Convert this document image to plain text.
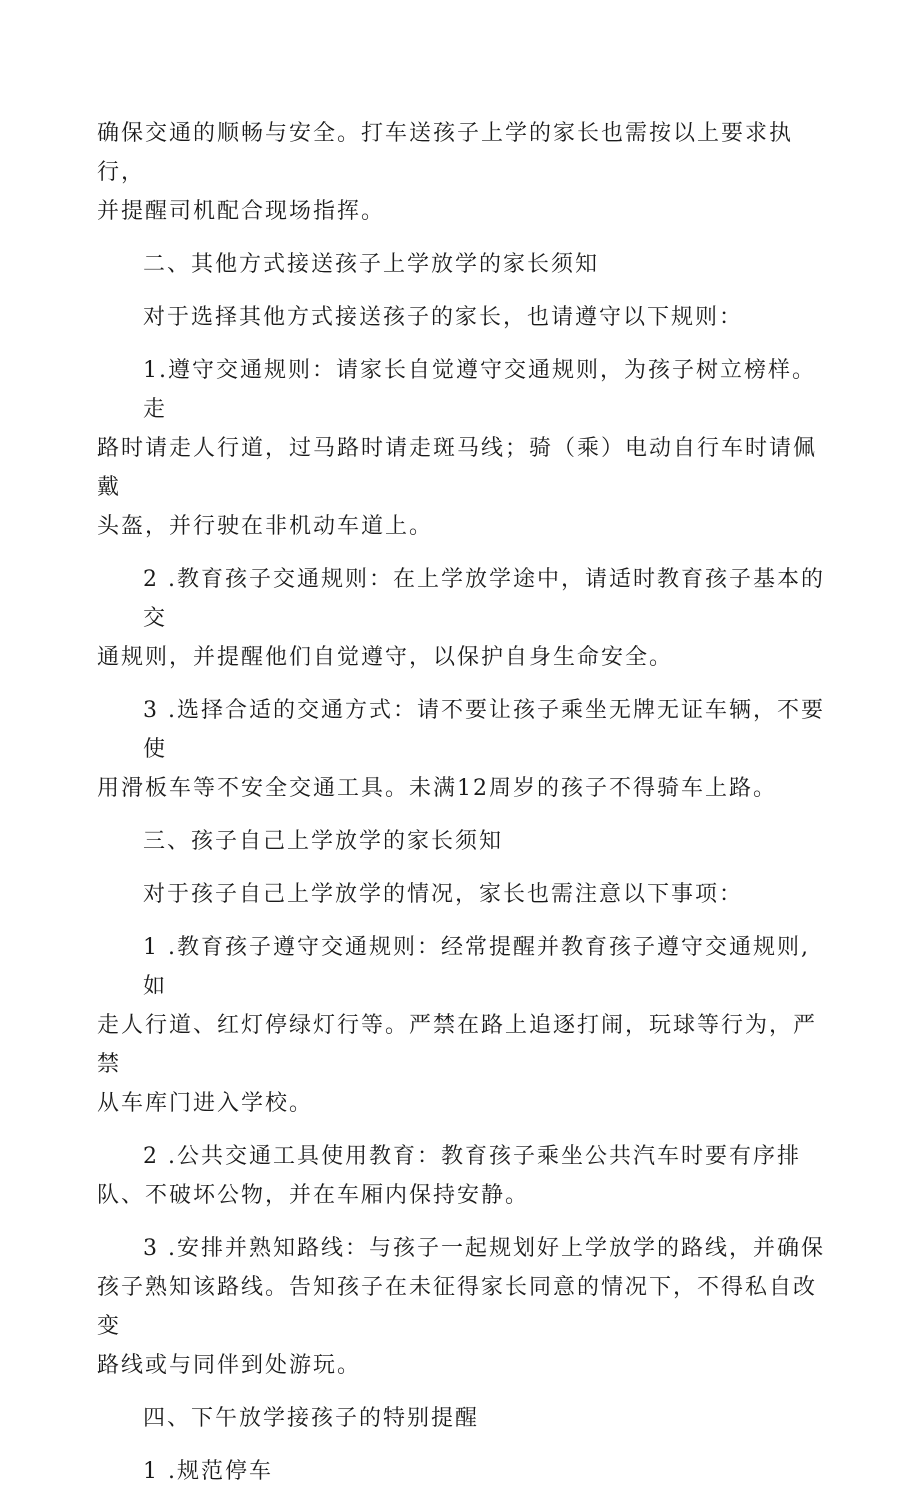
确保交通的顺畅与安全。打车送孩子上学的家长也需按以上要求执行，
并提醒司机配合现场指挥。
二、其他方式接送孩子上学放学的家长须知
对于选择其他方式接送孩子的家长，也请遵守以下规则：
1.遵守交通规则：请家长自觉遵守交通规则，为孩子树立榜样。走
路时请走人行道，过马路时请走斑马线；骑（乘）电动自行车时请佩戴
头盔，并行驶在非机动车道上。
2 .教育孩子交通规则：在上学放学途中，请适时教育孩子基本的交
通规则，并提醒他们自觉遵守，以保护自身生命安全。
3 .选择合适的交通方式：请不要让孩子乘坐无牌无证车辆，不要使
用滑板车等不安全交通工具。未满12周岁的孩子不得骑车上路。
三、孩子自己上学放学的家长须知
对于孩子自己上学放学的情况，家长也需注意以下事项：
1 .教育孩子遵守交通规则：经常提醒并教育孩子遵守交通规则,如
走人行道、红灯停绿灯行等。严禁在路上追逐打闹，玩球等行为，严禁
从车库门进入学校。
2 .公共交通工具使用教育：教育孩子乘坐公共汽车时要有序排
队、不破坏公物，并在车厢内保持安静。
3 .安排并熟知路线：与孩子一起规划好上学放学的路线，并确保
孩子熟知该路线。告知孩子在未征得家长同意的情况下，不得私自改变
路线或与同伴到处游玩。
四、下午放学接孩子的特别提醒
1 .规范停车
